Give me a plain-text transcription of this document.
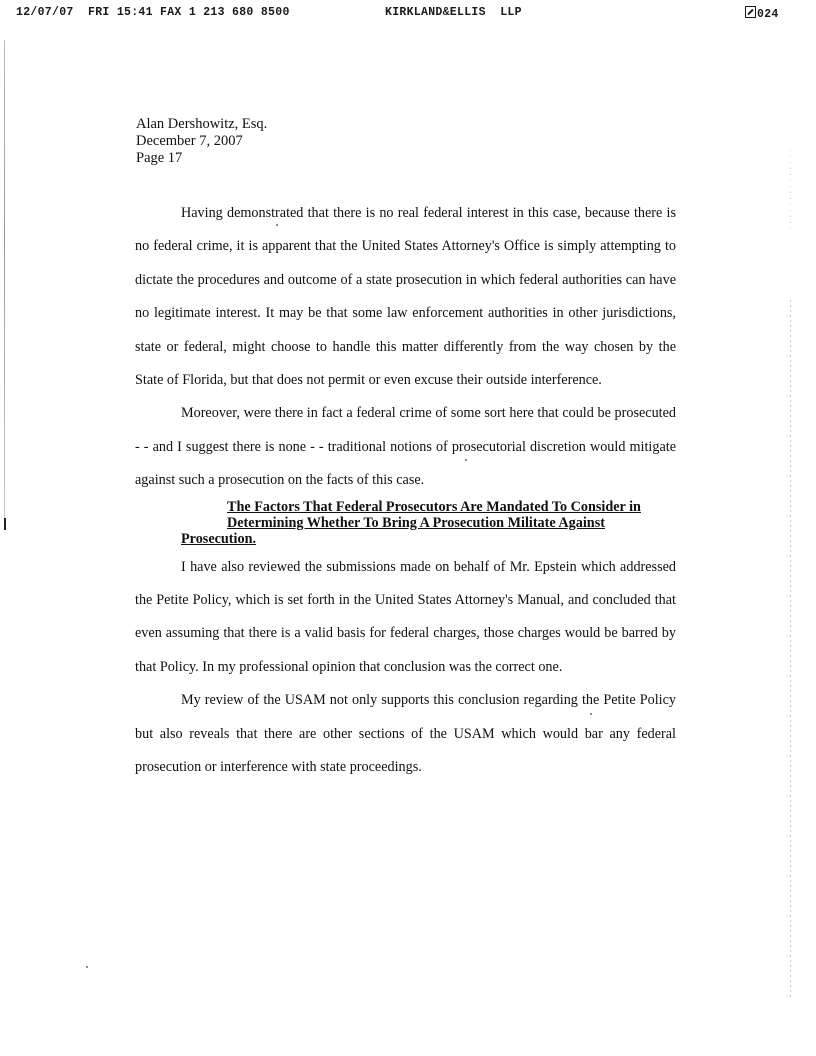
12/07/07  FRI 15:41 FAX 1 213 680 8500	KIRKLAND&ELLIS  LLP	024
Alan Dershowitz, Esq.
December 7, 2007
Page 17

Having demonstrated that there is no real federal interest in this case, because there is no federal crime, it is apparent that the United States Attorney's Office is simply attempting to dictate the procedures and outcome of a state prosecution in which federal authorities can have no legitimate interest. It may be that some law enforcement authorities in other jurisdictions, state or federal, might choose to handle this matter differently from the way chosen by the State of Florida, but that does not permit or even excuse their outside interference.

Moreover, were there in fact a federal crime of some sort here that could be prosecuted - - and I suggest there is none - - traditional notions of prosecutorial discretion would mitigate against such a prosecution on the facts of this case.

The Factors That Federal Prosecutors Are Mandated To Consider in

Determining Whether To Bring A Prosecution Militate Against Prosecution.

I have also reviewed the submissions made on behalf of Mr. Epstein which addressed the Petite Policy, which is set forth in the United States Attorney's Manual, and concluded that even assuming that there is a valid basis for federal charges, those charges would be barred by that Policy. In my professional opinion that conclusion was the correct one.

My review of the USAM not only supports this conclusion regarding the Petite Policy but also reveals that there are other sections of the USAM which would bar any federal prosecution or interference with state proceedings.
